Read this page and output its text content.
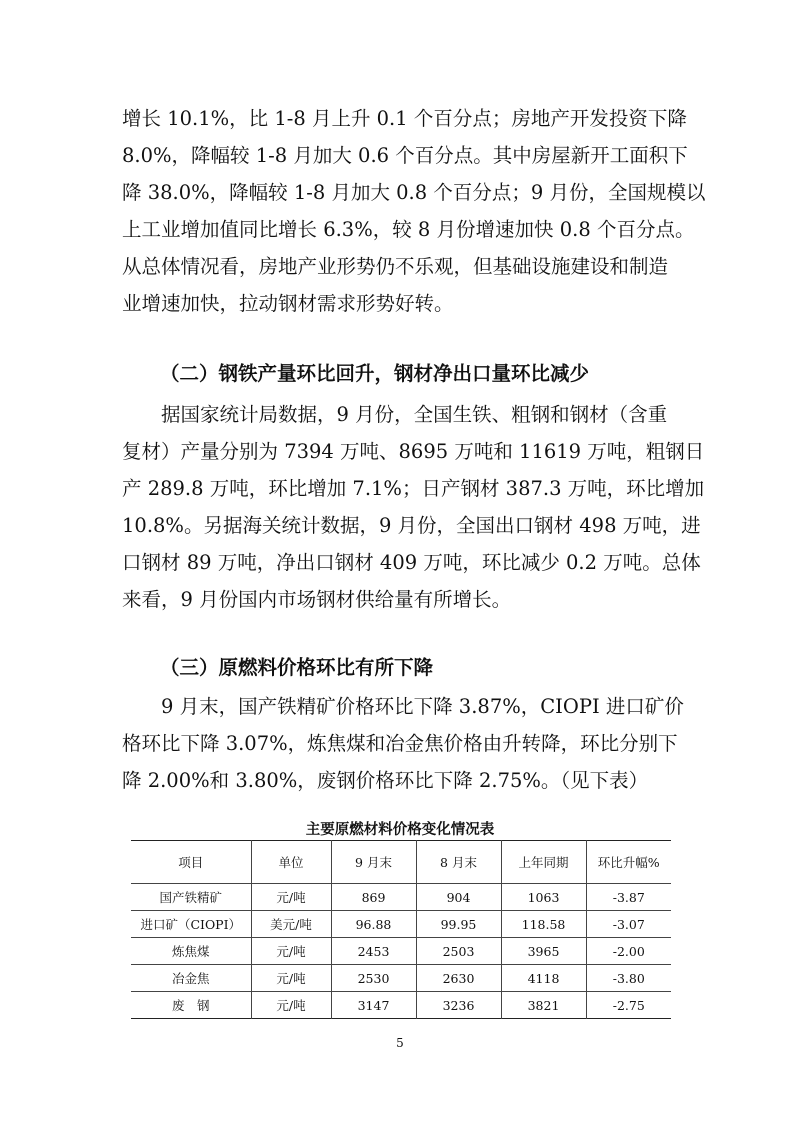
增长 10.1%，比 1-8 月上升 0.1 个百分点；房地产开发投资下降
8.0%，降幅较 1-8 月加大 0.6 个百分点。其中房屋新开工面积下
降 38.0%，降幅较 1-8 月加大 0.8 个百分点；9 月份，全国规模以
上工业增加值同比增长 6.3%，较 8 月份增速加快 0.8 个百分点。
从总体情况看，房地产业形势仍不乐观，但基础设施建设和制造
业增速加快，拉动钢材需求形势好转。
（二）钢铁产量环比回升，钢材净出口量环比减少
据国家统计局数据，9 月份，全国生铁、粗钢和钢材（含重
复材）产量分别为 7394 万吨、8695 万吨和 11619 万吨，粗钢日
产 289.8 万吨，环比增加 7.1%；日产钢材 387.3 万吨，环比增加
10.8%。另据海关统计数据，9 月份，全国出口钢材 498 万吨，进
口钢材 89 万吨，净出口钢材 409 万吨，环比减少 0.2 万吨。总体
来看，9 月份国内市场钢材供给量有所增长。
（三）原燃料价格环比有所下降
9 月末，国产铁精矿价格环比下降 3.87%，CIOPI 进口矿价
格环比下降 3.07%，炼焦煤和冶金焦价格由升转降，环比分别下
降 2.00%和 3.80%，废钢价格环比下降 2.75%。（见下表）
主要原燃材料价格变化情况表
项目	单位	9 月末	8 月末	上年同期	环比升幅%
国产铁精矿	元/吨	869	904	1063	-3.87
进口矿（CIOPI）	美元/吨	96.88	99.95	118.58	-3.07
炼焦煤	元/吨	2453	2503	3965	-2.00
冶金焦	元/吨	2530	2630	4118	-3.80
废　钢	元/吨	3147	3236	3821	-2.75
5
